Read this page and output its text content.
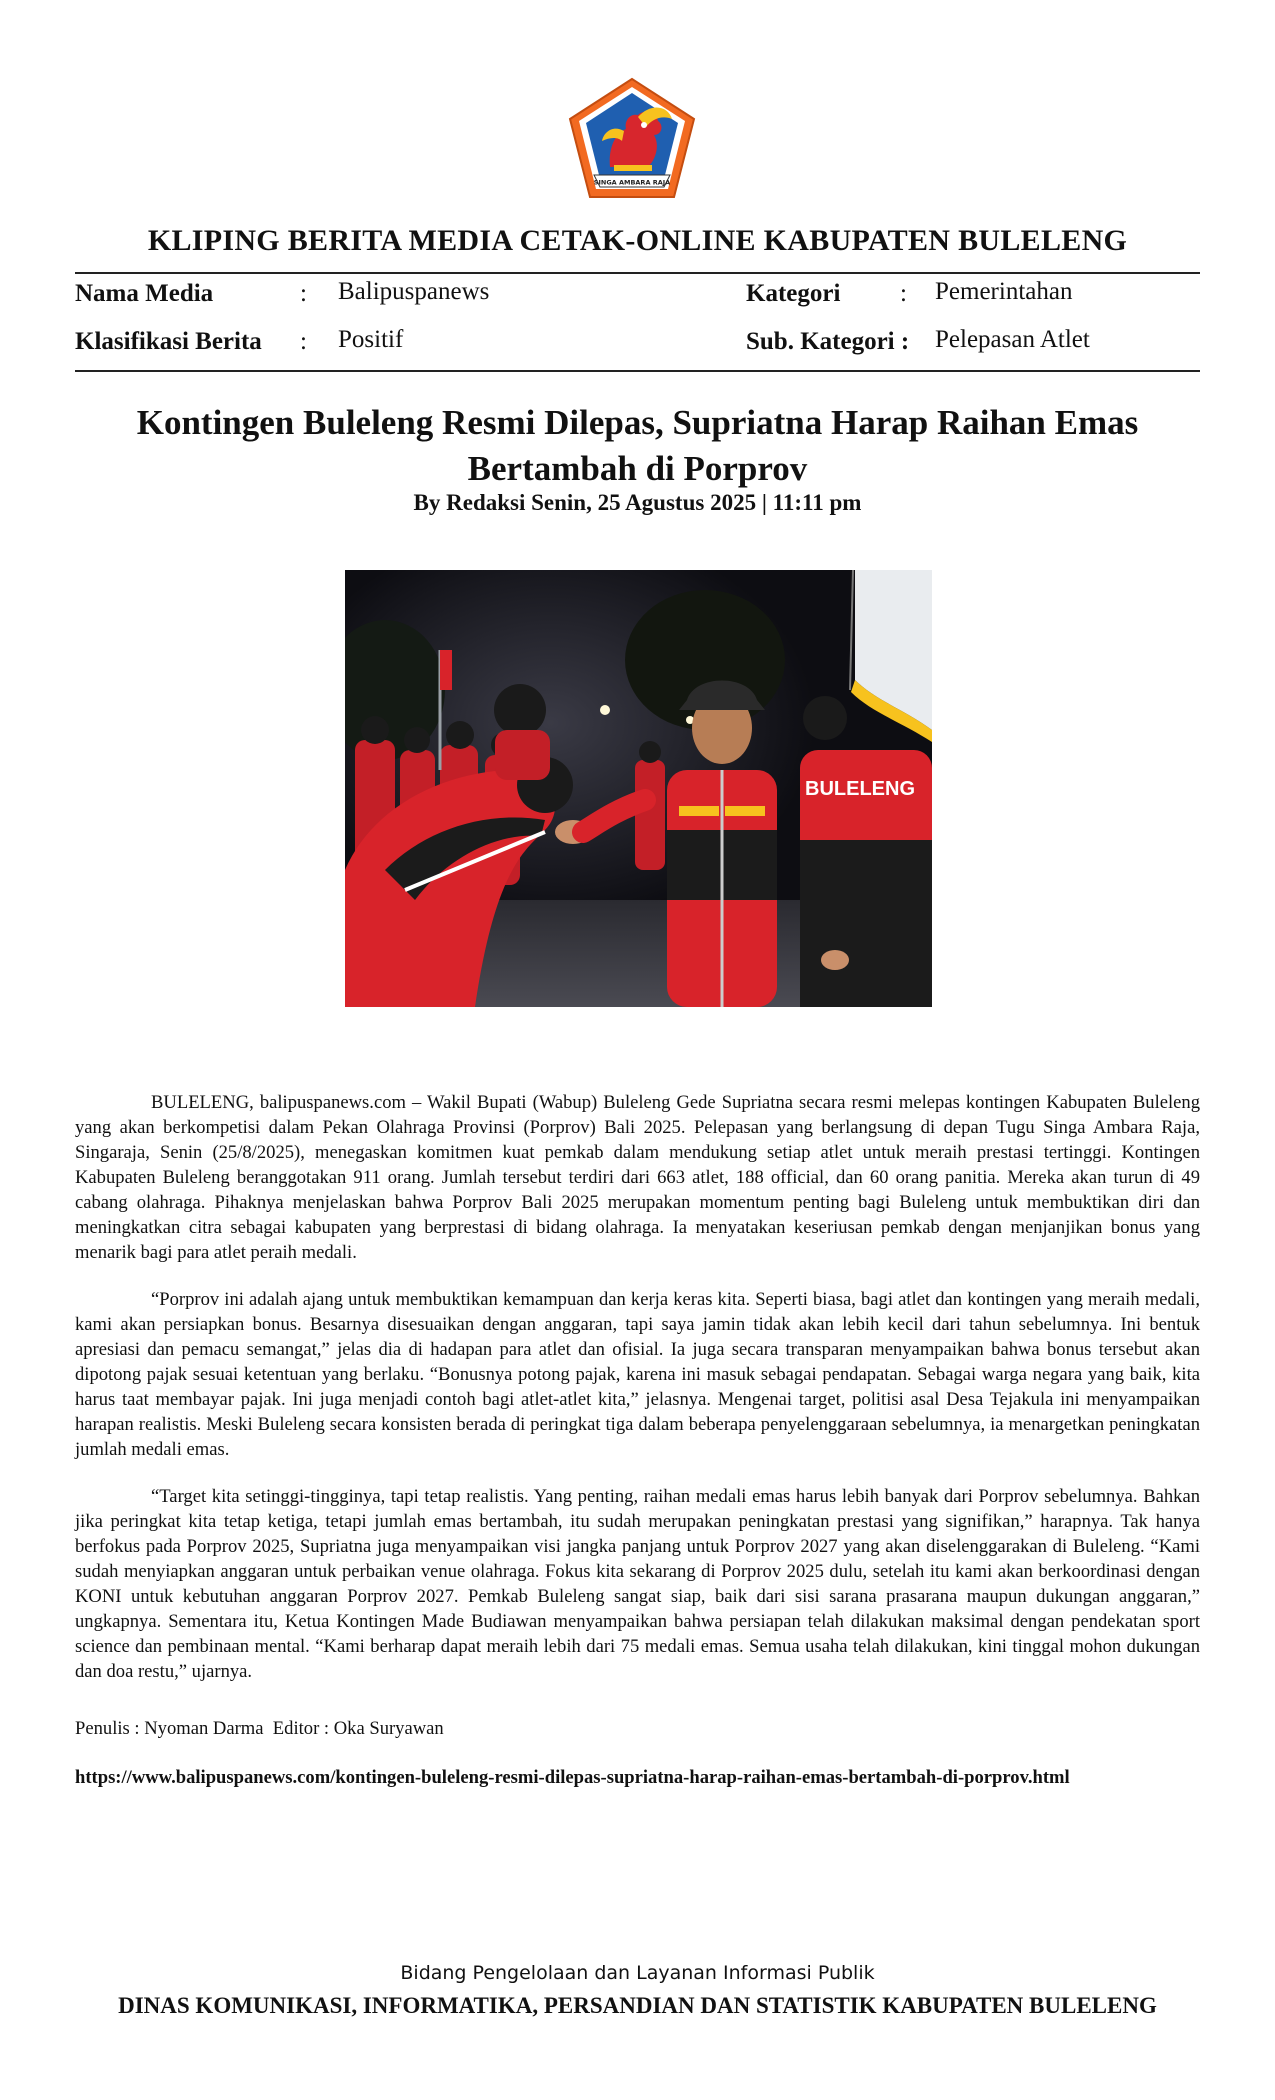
SINGA AMBARA RAJA
KLIPING BERITA MEDIA CETAK-ONLINE KABUPATEN BULELENG
Nama Media	: Balipuspanews	Kategori : Pemerintahan
Klasifikasi Berita : Positif	Sub. Kategori : Pelepasan Atlet
Kontingen Buleleng Resmi Dilepas, Supriatna Harap Raihan Emas Bertambah di Porprov
By Redaksi Senin, 25 Agustus 2025 | 11:11 pm
BULELENG

BULELENG, balipuspanews.com – Wakil Bupati (Wabup) Buleleng Gede Supriatna secara resmi melepas kontingen Kabupaten Buleleng yang akan berkompetisi dalam Pekan Olahraga Provinsi (Porprov) Bali 2025. Pelepasan yang berlangsung di depan Tugu Singa Ambara Raja, Singaraja, Senin (25/8/2025), menegaskan komitmen kuat pemkab dalam mendukung setiap atlet untuk meraih prestasi tertinggi. Kontingen Kabupaten Buleleng beranggotakan 911 orang. Jumlah tersebut terdiri dari 663 atlet, 188 official, dan 60 orang panitia. Mereka akan turun di 49 cabang olahraga. Pihaknya menjelaskan bahwa Porprov Bali 2025 merupakan momentum penting bagi Buleleng untuk membuktikan diri dan meningkatkan citra sebagai kabupaten yang berprestasi di bidang olahraga. Ia menyatakan keseriusan pemkab dengan menjanjikan bonus yang menarik bagi para atlet peraih medali.

“Porprov ini adalah ajang untuk membuktikan kemampuan dan kerja keras kita. Seperti biasa, bagi atlet dan kontingen yang meraih medali, kami akan persiapkan bonus. Besarnya disesuaikan dengan anggaran, tapi saya jamin tidak akan lebih kecil dari tahun sebelumnya. Ini bentuk apresiasi dan pemacu semangat,” jelas dia di hadapan para atlet dan ofisial. Ia juga secara transparan menyampaikan bahwa bonus tersebut akan dipotong pajak sesuai ketentuan yang berlaku. “Bonusnya potong pajak, karena ini masuk sebagai pendapatan. Sebagai warga negara yang baik, kita harus taat membayar pajak. Ini juga menjadi contoh bagi atlet-atlet kita,” jelasnya. Mengenai target, politisi asal Desa Tejakula ini menyampaikan harapan realistis. Meski Buleleng secara konsisten berada di peringkat tiga dalam beberapa penyelenggaraan sebelumnya, ia menargetkan peningkatan jumlah medali emas.

“Target kita setinggi-tingginya, tapi tetap realistis. Yang penting, raihan medali emas harus lebih banyak dari Porprov sebelumnya. Bahkan jika peringkat kita tetap ketiga, tetapi jumlah emas bertambah, itu sudah merupakan peningkatan prestasi yang signifikan,” harapnya. Tak hanya berfokus pada Porprov 2025, Supriatna juga menyampaikan visi jangka panjang untuk Porprov 2027 yang akan diselenggarakan di Buleleng. “Kami sudah menyiapkan anggaran untuk perbaikan venue olahraga. Fokus kita sekarang di Porprov 2025 dulu, setelah itu kami akan berkoordinasi dengan KONI untuk kebutuhan anggaran Porprov 2027. Pemkab Buleleng sangat siap, baik dari sisi sarana prasarana maupun dukungan anggaran,” ungkapnya. Sementara itu, Ketua Kontingen Made Budiawan menyampaikan bahwa persiapan telah dilakukan maksimal dengan pendekatan sport science dan pembinaan mental. “Kami berharap dapat meraih lebih dari 75 medali emas. Semua usaha telah dilakukan, kini tinggal mohon dukungan dan doa restu,” ujarnya.

Penulis : Nyoman Darma  Editor : Oka Suryawan
https://www.balipuspanews.com/kontingen-buleleng-resmi-dilepas-supriatna-harap-raihan-emas-bertambah-di-porprov.html
Bidang Pengelolaan dan Layanan Informasi Publik
DINAS KOMUNIKASI, INFORMATIKA, PERSANDIAN DAN STATISTIK KABUPATEN BULELENG
